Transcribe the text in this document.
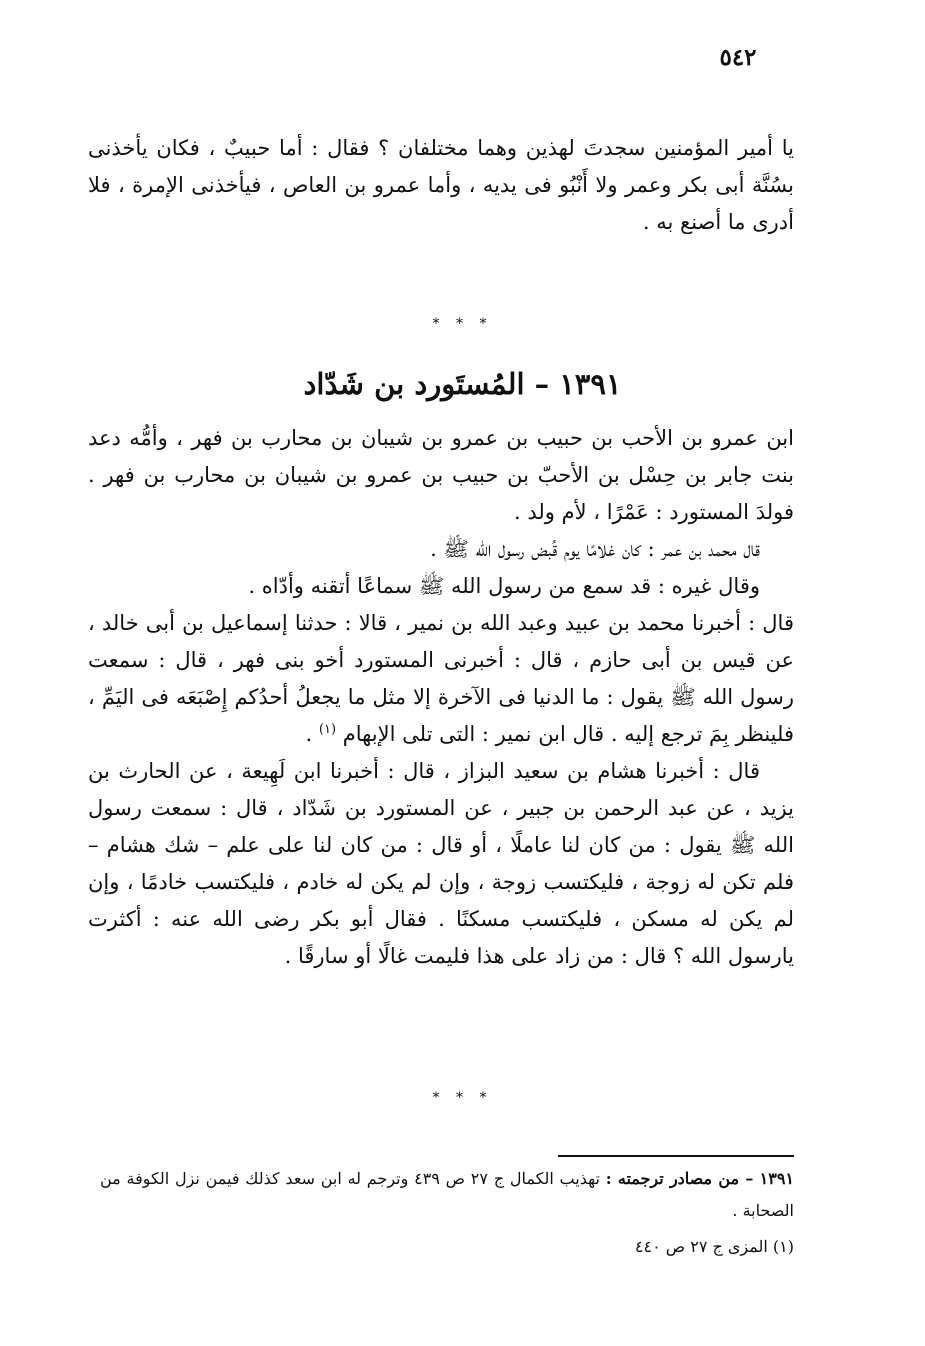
٥٤٢

يا أمير المؤمنين سجدتَ لهذين وهما مختلفان ؟ فقال : أما حبيبٌ ، فكان يأخذنى بسُنَّة أبى بكر وعمر ولا أَنْبُو فى يديه ، وأما عمرو بن العاص ، فيأخذنى الإمرة ، فلا أدرى ما أصنع به .

* * *
١٣٩١ – المُستَورد بن شَدّاد

ابن عمرو بن الأحب بن حبيب بن عمرو بن شيبان بن محارب بن فهر ، وأمُّه دعد بنت جابر بن حِسْل بن الأحبّ بن حبيب بن عمرو بن شيبان بن محارب بن فهر . فولدَ المستورد : عَمْرًا ، لأم ولد .

قال محمد بن عمر : كان غلامًا يوم قُبض رسول الله ﷺ .

وقال غيره : قد سمع من رسول الله ﷺ سماعًا أتقنه وأدّاه .

قال : أخبرنا محمد بن عبيد وعبد الله بن نمير ، قالا : حدثنا إسماعيل بن أبى خالد ، عن قيس بن أبى حازم ، قال : أخبرنى المستورد أخو بنى فهر ، قال : سمعت رسول الله ﷺ يقول : ما الدنيا فى الآخرة إلا مثل ما يجعلُ أحدُكم إِصْبَعَه فى اليَمِّ ، فلينظر بِمَ ترجع إليه . قال ابن نمير : التى تلى الإبهام $^{(١)}$ .

قال : أخبرنا هشام بن سعيد البزاز ، قال : أخبرنا ابن لَهِيعة ، عن الحارث بن يزيد ، عن عبد الرحمن بن جبير ، عن المستورد بن شَدّاد ، قال : سمعت رسول الله ﷺ يقول : من كان لنا عاملًا ، أو قال : من كان لنا على علم – شك هشام – فلم تكن له زوجة ، فليكتسب زوجة ، وإن لم يكن له خادم ، فليكتسب خادمًا ، وإن لم يكن له مسكن ، فليكتسب مسكنًا . فقال أبو بكر رضى الله عنه : أكثرت يارسول الله ؟ قال : من زاد على هذا فليمت غالًا أو سارقًا .

* * *

١٣٩١ – من مصادر ترجمته : تهذيب الكمال ج ٢٧ ص ٤٣٩ وترجم له ابن سعد كذلك فيمن نزل الكوفة من الصحابة .

(١) المزى ج ٢٧ ص ٤٤٠
